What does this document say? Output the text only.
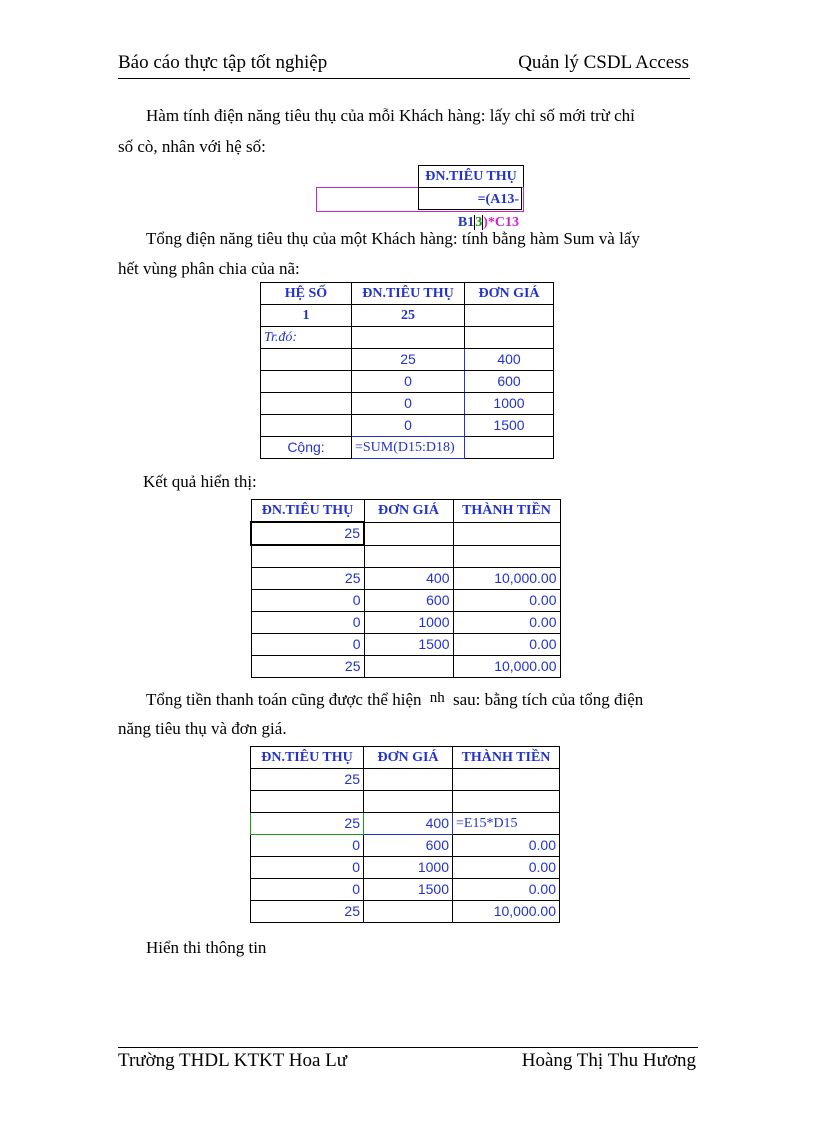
Báo cáo thực tập tốt nghiệp	Quản lý CSDL Access
Hàm tính điện năng tiêu thụ của mỗi Khách hàng: lấy chỉ số mới trừ chỉ
số cò, nhân với hệ số:
ĐN.TIÊU THỤ
=(A13-B13)*C13
Tổng điện năng tiêu thụ của một Khách hàng: tính bằng hàm Sum và lấy
hết vùng phân chia của nã:
HỆ SỐ	ĐN.TIÊU THỤ	ĐƠN GIÁ
1	25	
Tr.đó:		
	25	400
	0	600
	0	1000
	0	1500
Cộng:	=SUM(D15:D18)	
Kết quả hiển thị:
ĐN.TIÊU THỤ	ĐƠN GIÁ	THÀNH TIỀN
25		

25	400	10,000.00
0	600	0.00
0	1000	0.00
0	1500	0.00
25		10,000.00
Tổng tiền thanh toán cũng được thể hiện nh sau: bằng tích của tổng điện
năng tiêu thụ và đơn giá.
ĐN.TIÊU THỤ	ĐƠN GIÁ	THÀNH TIỀN
25		

25	400	=E15*D15
0	600	0.00
0	1000	0.00
0	1500	0.00
25		10,000.00
Hiển thi thông tin
Trường THDL KTKT Hoa Lư	Hoàng Thị Thu Hương
